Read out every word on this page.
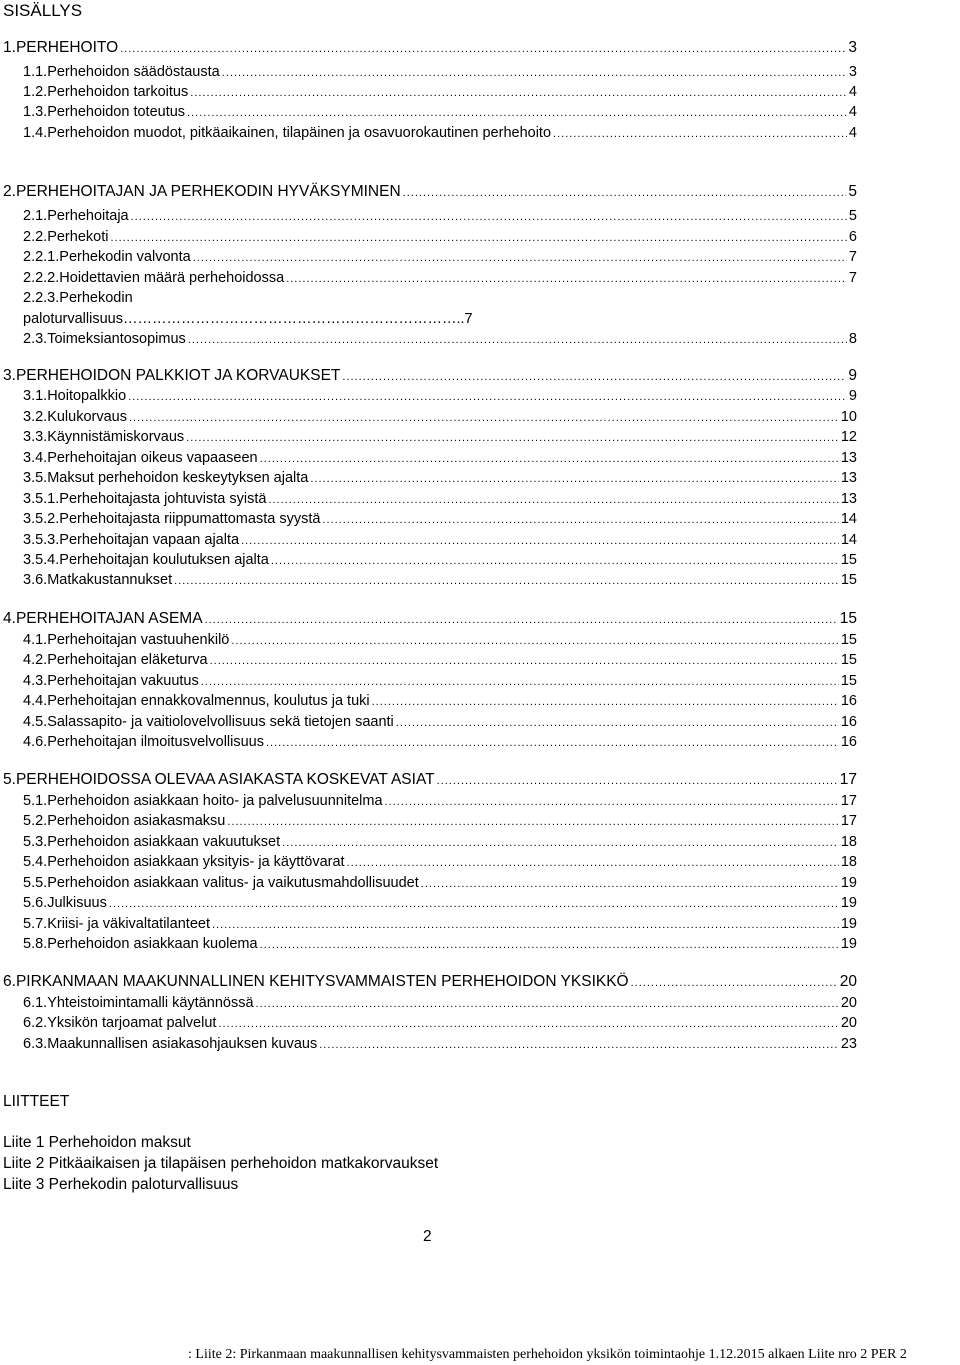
SISÄLLYS
1. PERHEHOITO .....	3
1.1. Perhehoidon säädöstausta .....	3
1.2. Perhehoidon tarkoitus .....	4
1.3. Perhehoidon toteutus .....	4
1.4. Perhehoidon muodot, pitkäaikainen, tilapäinen ja osavuorokautinen perhehoito .....	4
2. PERHEHOITAJAN JA PERHEKODIN HYVÄKSYMINEN .....	5
2.1. Perhehoitaja .....	5
2.2. Perhekoti .....	6
2.2.1. Perhekodin valvonta .....	7
2.2.2. Hoidettavien määrä perhehoidossa .....	7
2.2.3. Perhekodin
paloturvallisuus……………………………………………………………..7
2.3. Toimeksiantosopimus .....	8
3. PERHEHOIDON PALKKIOT JA KORVAUKSET .....	9
3.1. Hoitopalkkio .....	9
3.2. Kulukorvaus .....	10
3.3. Käynnistämiskorvaus .....	12
3.4. Perhehoitajan oikeus vapaaseen .....	13
3.5. Maksut perhehoidon keskeytyksen ajalta .....	13
3.5.1. Perhehoitajasta johtuvista syistä .....	13
3.5.2. Perhehoitajasta riippumattomasta syystä .....	14
3.5.3. Perhehoitajan vapaan ajalta .....	14
3.5.4. Perhehoitajan koulutuksen ajalta .....	15
3.6. Matkakustannukset .....	15
4. PERHEHOITAJAN ASEMA .....	15
4.1. Perhehoitajan vastuuhenkilö .....	15
4.2. Perhehoitajan eläketurva .....	15
4.3. Perhehoitajan vakuutus .....	15
4.4. Perhehoitajan ennakkovalmennus, koulutus ja tuki .....	16
4.5. Salassapito- ja vaitiolovelvollisuus sekä tietojen saanti .....	16
4.6. Perhehoitajan ilmoitusvelvollisuus .....	16
5. PERHEHOIDOSSA OLEVAA ASIAKASTA KOSKEVAT ASIAT .....	17
5.1. Perhehoidon asiakkaan hoito- ja palvelusuunnitelma .....	17
5.2. Perhehoidon asiakasmaksu .....	17
5.3. Perhehoidon asiakkaan vakuutukset .....	18
5.4. Perhehoidon asiakkaan yksityis- ja käyttövarat .....	18
5.5. Perhehoidon asiakkaan valitus- ja vaikutusmahdollisuudet .....	19
5.6. Julkisuus .....	19
5.7. Kriisi- ja väkivaltatilanteet .....	19
5.8. Perhehoidon asiakkaan kuolema .....	19
6. PIRKANMAAN MAAKUNNALLINEN KEHITYSVAMMAISTEN PERHEHOIDON YKSIKKÖ .....	20
6.1. Yhteistoimintamalli käytännössä .....	20
6.2. Yksikön tarjoamat palvelut .....	20
6.3. Maakunnallisen asiakasohjauksen kuvaus .....	23
LIITTEET
Liite 1 Perhehoidon maksut
Liite 2 Pitkäaikaisen ja tilapäisen perhehoidon matkakorvaukset
Liite 3 Perhekodin paloturvallisuus
2
: Liite 2: Pirkanmaan maakunnallisen kehitysvammaisten perhehoidon yksikön toimintaohje 1.12.2015 alkaen Liite nro 2 PER 2
